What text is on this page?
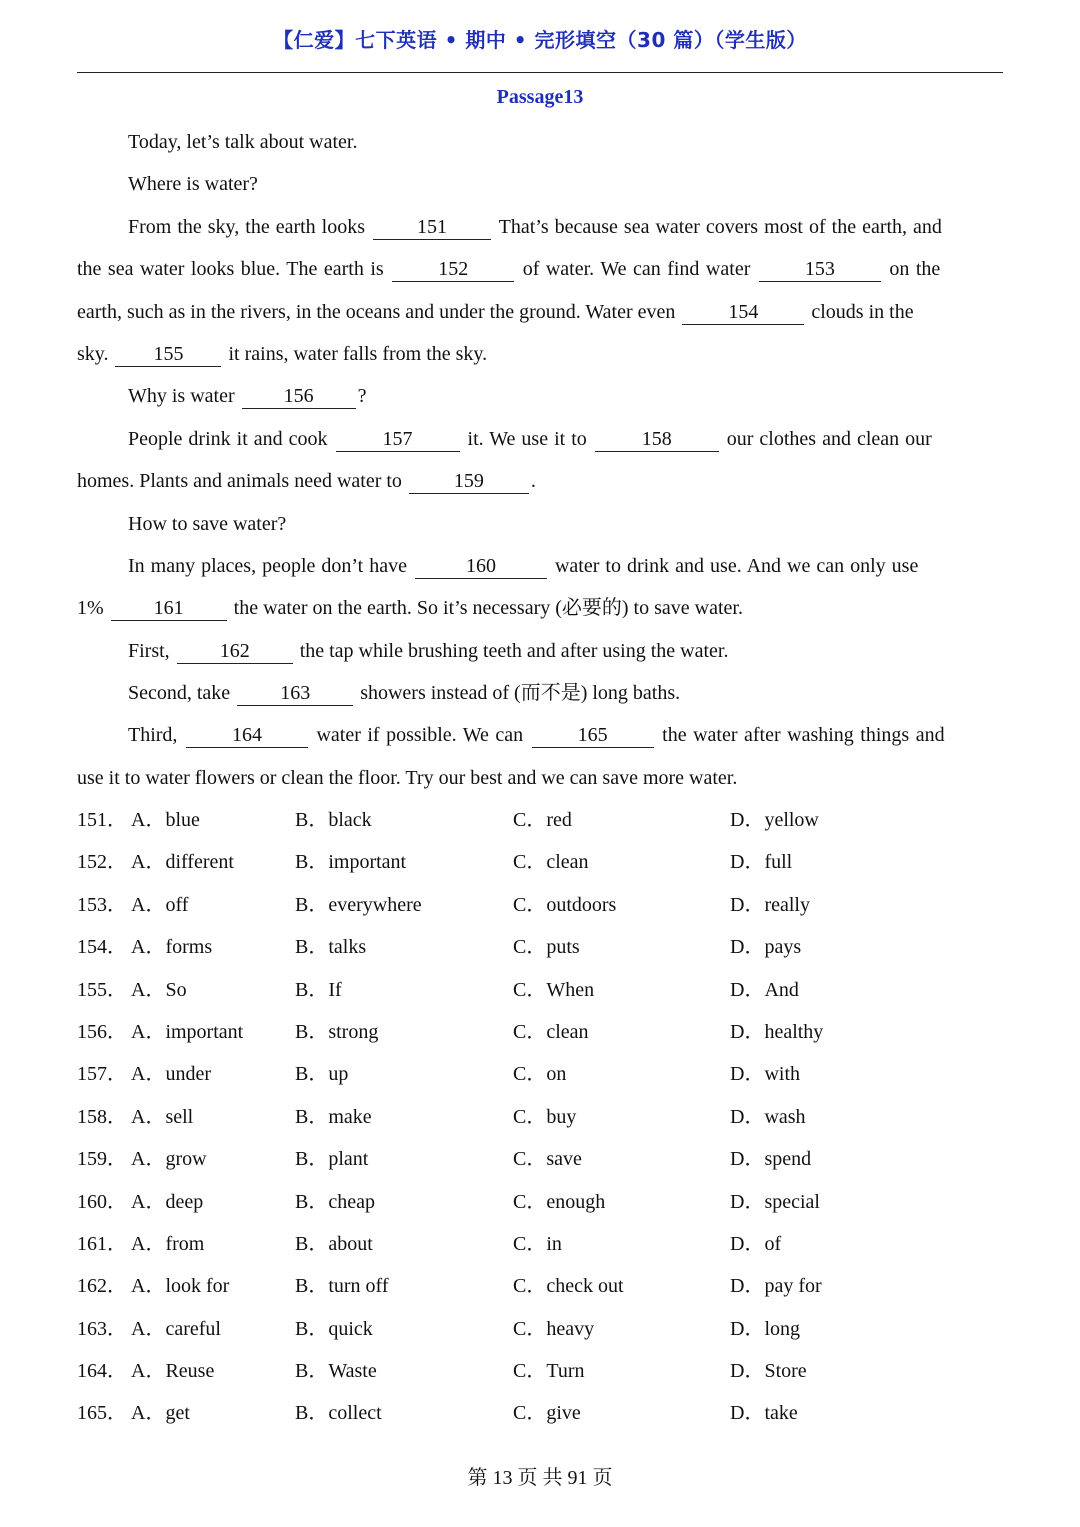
【仁爱】七下英语 • 期中 • 完形填空（30 篇）（学生版）
Passage13
Today, let’s talk about water.
Where is water?
From the sky, the earth looks 151 That’s because sea water covers most of the earth, and
the sea water looks blue. The earth is 152 of water. We can find water 153 on the
earth, such as in the rivers, in the oceans and under the ground. Water even 154 clouds in the
sky. 155 it rains, water falls from the sky.
Why is water 156 ?
People drink it and cook 157 it. We use it to 158 our clothes and clean our
homes. Plants and animals need water to 159 .
How to save water?
In many places, people don’t have	160	water to drink and use. And we can only use
1% 161 the water on the earth. So it’s necessary (必要的) to save water.
First, 162 the tap while brushing teeth and after using the water.
Second, take 163 showers instead of (而不是) long baths.
Third, 164 water if possible. We can 165 the water after washing things and
use it to water flowers or clean the floor. Try our best and we can save more water.
151． A．blue	B．black	C．red	D．yellow
152． A．different	B．important	C．clean	D．full
153． A．off	B．everywhere	C．outdoors	D．really
154． A．forms	B．talks	C．puts	D．pays
155． A．So	B．If	C．When	D．And
156． A．important	B．strong	C．clean	D．healthy
157． A．under	B．up	C．on	D．with
158． A．sell	B．make	C．buy	D．wash
159． A．grow	B．plant	C．save	D．spend
160． A．deep	B．cheap	C．enough	D．special
161． A．from	B．about	C．in	D．of
162． A．look for	B．turn off	C．check out	D．pay for
163． A．careful	B．quick	C．heavy	D．long
164． A．Reuse	B．Waste	C．Turn	D．Store
165． A．get	B．collect	C．give	D．take
第 13 页 共 91 页
